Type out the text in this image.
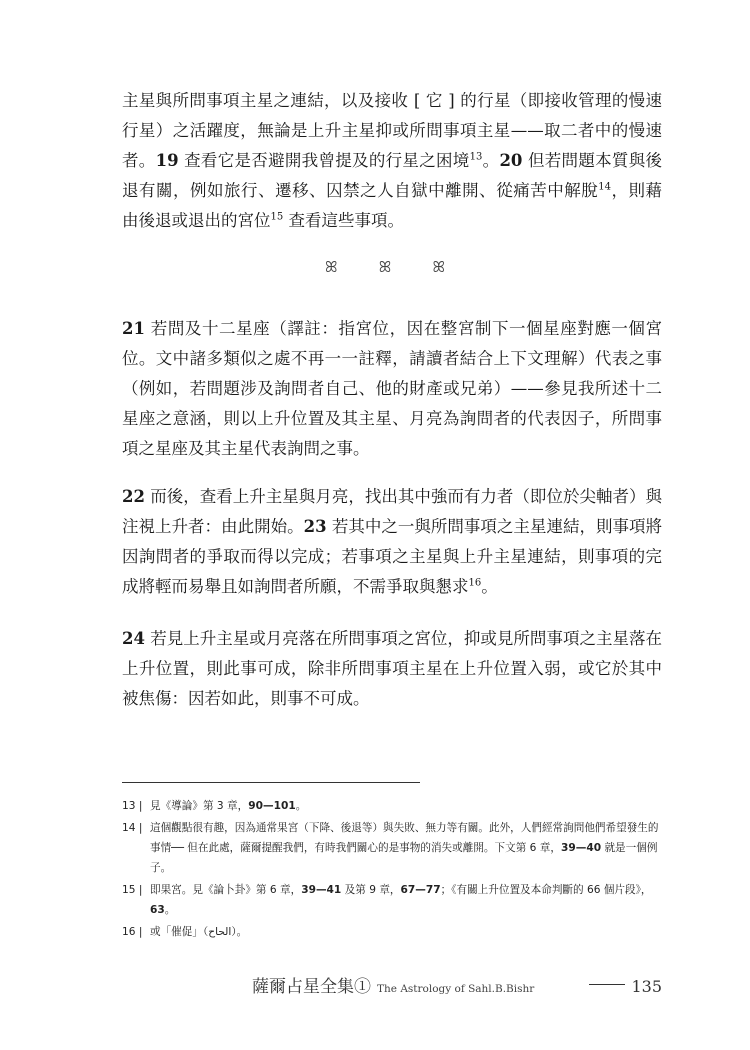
主星與所問事項主星之連結，以及接收 [ 它 ] 的行星（即接收管理的慢速行星）之活躍度，無論是上升主星抑或所問事項主星——取二者中的慢速者。19 查看它是否避開我曾提及的行星之困境$^{13}$。20 但若問題本質與後退有關，例如旅行、遷移、囚禁之人自獄中離開、從痛苦中解脫$^{14}$，則藉由後退或退出的宮位$^{15}$ 查看這些事項。
ꕤ	ꕤ	ꕤ
21 若問及十二星座（譯註：指宮位，因在整宮制下一個星座對應一個宮位。文中諸多類似之處不再一一註釋，請讀者結合上下文理解）代表之事（例如，若問題涉及詢問者自己、他的財產或兄弟）——參見我所述十二星座之意涵，則以上升位置及其主星、月亮為詢問者的代表因子，所問事項之星座及其主星代表詢問之事。
22 而後，查看上升主星與月亮，找出其中強而有力者（即位於尖軸者）與注視上升者：由此開始。23 若其中之一與所問事項之主星連結，則事項將因詢問者的爭取而得以完成；若事項之主星與上升主星連結，則事項的完成將輕而易舉且如詢問者所願，不需爭取與懇求$^{16}$。
24 若見上升主星或月亮落在所問事項之宮位，抑或見所問事項之主星落在上升位置，則此事可成，除非所問事項主星在上升位置入弱，或它於其中被焦傷：因若如此，則事不可成。
13 | 見《導論》第 3 章，90—101。
14 | 這個觀點很有趣，因為通常果宮（下降、後退等）與失敗、無力等有關。此外，人們經常詢問他們希望發生的事情── 但在此處，薩爾提醒我們，有時我們關心的是事物的消失或離開。下文第 6 章，39—40 就是一個例子。
15 | 即果宮。見《論卜卦》第 6 章，39—41 及第 9 章，67—77；《有關上升位置及本命判斷的 66 個片段》，63。
16 | 或「催促」（الحاح）。
薩爾占星全集① The Astrology of Sahl.B.Bishr	135
